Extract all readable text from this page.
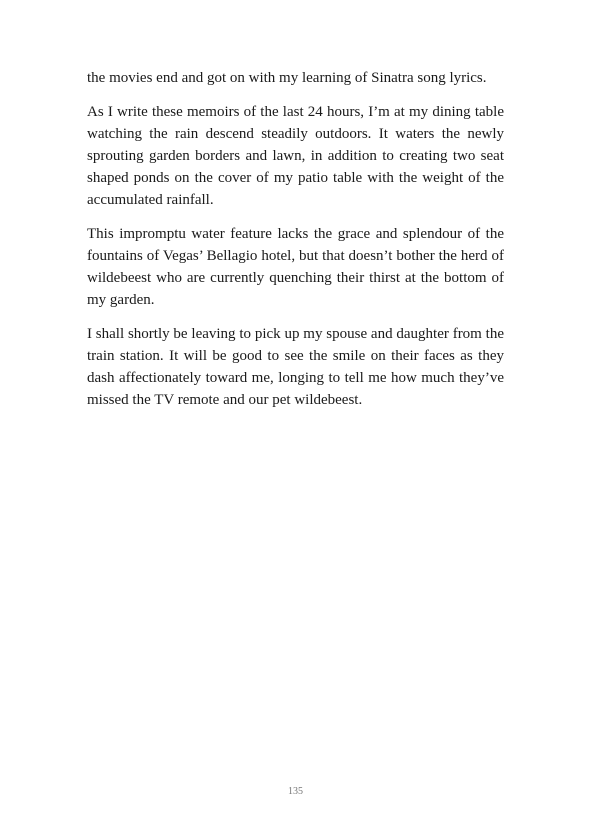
the movies end and got on with my learning of Sinatra song lyrics.

As I write these memoirs of the last 24 hours, I’m at my dining table watching the rain descend steadily outdoors. It waters the newly sprouting garden borders and lawn, in addition to creating two seat shaped ponds on the cover of my patio table with the weight of the accumulated rainfall.

This impromptu water feature lacks the grace and splendour of the fountains of Vegas’ Bellagio hotel, but that doesn’t bother the herd of wildebeest who are currently quenching their thirst at the bottom of my garden.

I shall shortly be leaving to pick up my spouse and daughter from the train station. It will be good to see the smile on their faces as they dash affectionately toward me, longing to tell me how much they’ve missed the TV remote and our pet wildebeest.

135
